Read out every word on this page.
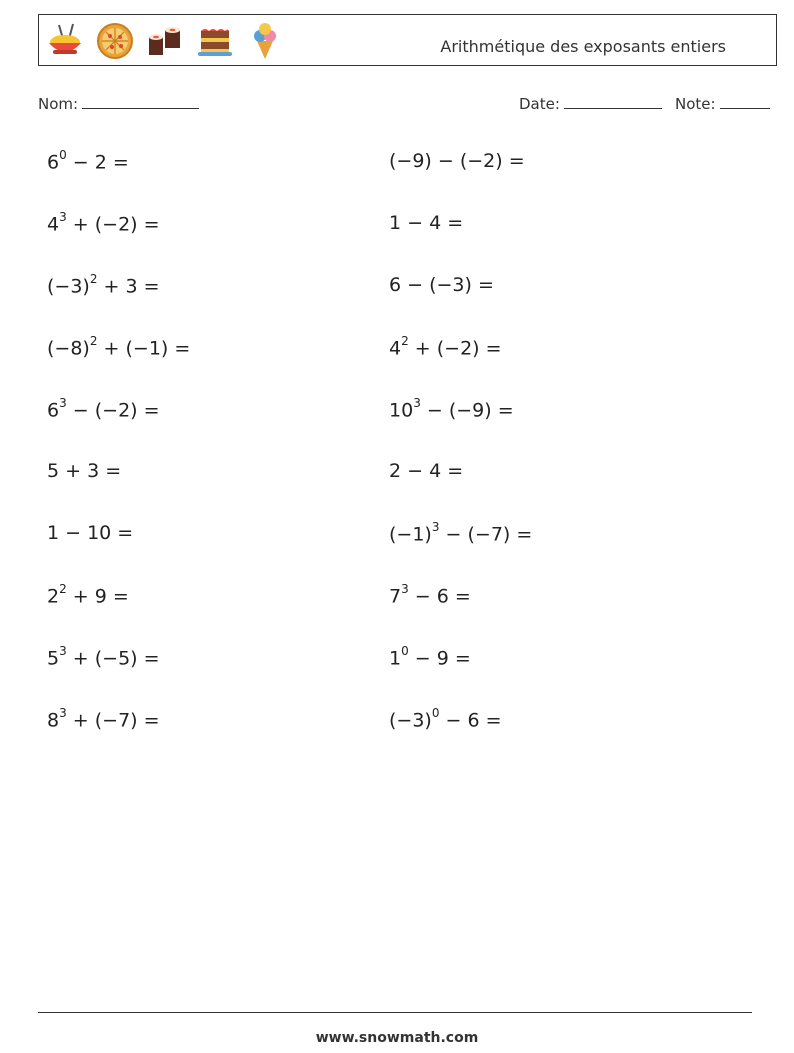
Arithmétique des exposants entiers
Nom:	Date:	Note:
$6^0 - 2$ =
$4^3 + (-2)$ =
$(-3)^2 + 3$ =
$(-8)^2 + (-1)$ =
$6^3 - (-2)$ =
5 + 3 =
1 − 10 =
$2^2 + 9$ =
$5^3 + (-5)$ =
$8^3 + (-7)$ =
(−9) − (−2) =
1 − 4 =
6 − (−3) =
$4^2 + (-2)$ =
$10^3 - (-9)$ =
2 − 4 =
$(-1)^3 - (-7)$ =
$7^3 - 6$ =
$1^0 - 9$ =
$(-3)^0 - 6$ =
www.snowmath.com
